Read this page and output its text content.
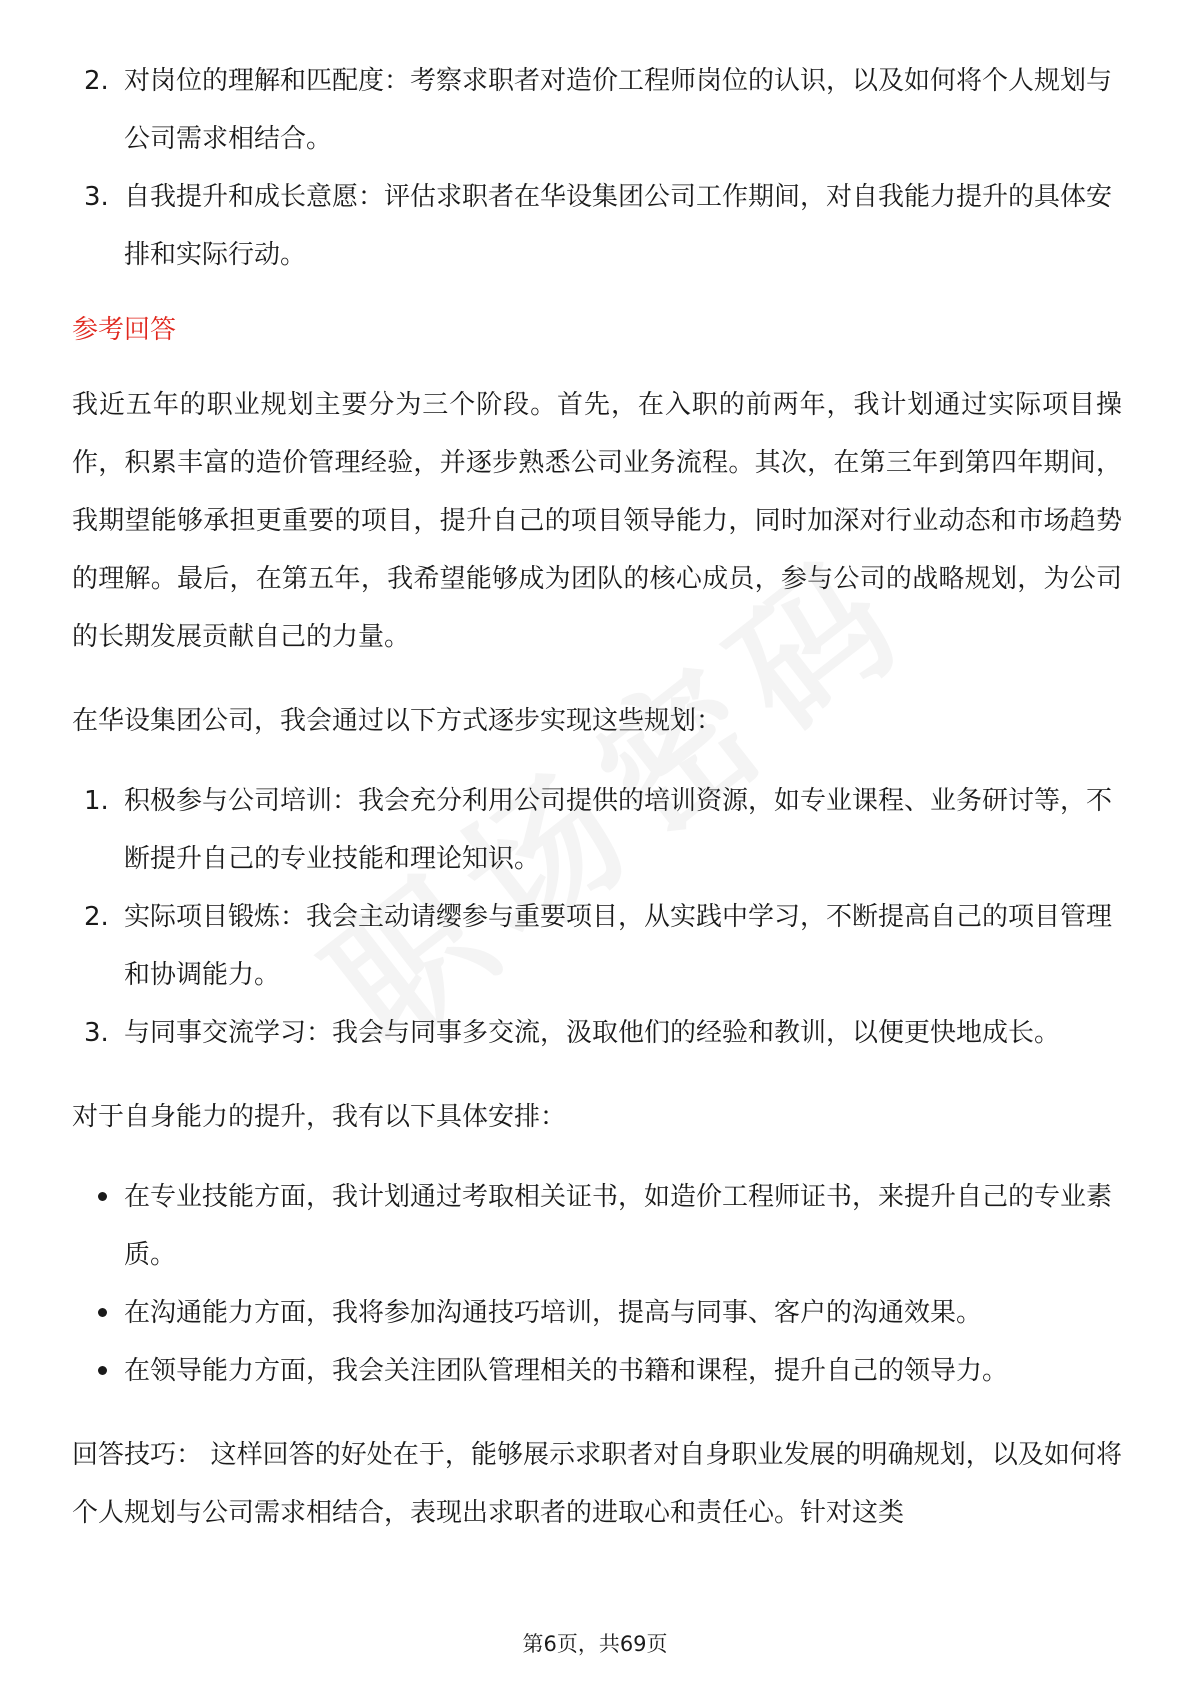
2. 对岗位的理解和匹配度：考察求职者对造价工程师岗位的认识，以及如何将个人规划与公司需求相结合。
3. 自我提升和成长意愿：评估求职者在华设集团公司工作期间，对自我能力提升的具体安排和实际行动。
参考回答

我近五年的职业规划主要分为三个阶段。首先，在入职的前两年，我计划通过实际项目操作，积累丰富的造价管理经验，并逐步熟悉公司业务流程。其次，在第三年到第四年期间，我期望能够承担更重要的项目，提升自己的项目领导能力，同时加深对行业动态和市场趋势的理解。最后，在第五年，我希望能够成为团队的核心成员，参与公司的战略规划，为公司的长期发展贡献自己的力量。

在华设集团公司，我会通过以下方式逐步实现这些规划：

1. 积极参与公司培训：我会充分利用公司提供的培训资源，如专业课程、业务研讨等，不断提升自己的专业技能和理论知识。
2. 实际项目锻炼：我会主动请缨参与重要项目，从实践中学习，不断提高自己的项目管理和协调能力。
3. 与同事交流学习：我会与同事多交流，汲取他们的经验和教训，以便更快地成长。

对于自身能力的提升，我有以下具体安排：

在专业技能方面，我计划通过考取相关证书，如造价工程师证书，来提升自己的专业素质。
在沟通能力方面，我将参加沟通技巧培训，提高与同事、客户的沟通效果。
在领导能力方面，我会关注团队管理相关的书籍和课程，提升自己的领导力。

回答技巧： 这样回答的好处在于，能够展示求职者对自身职业发展的明确规划，以及如何将个人规划与公司需求相结合，表现出求职者的进取心和责任心。针对这类

第6页，共69页
